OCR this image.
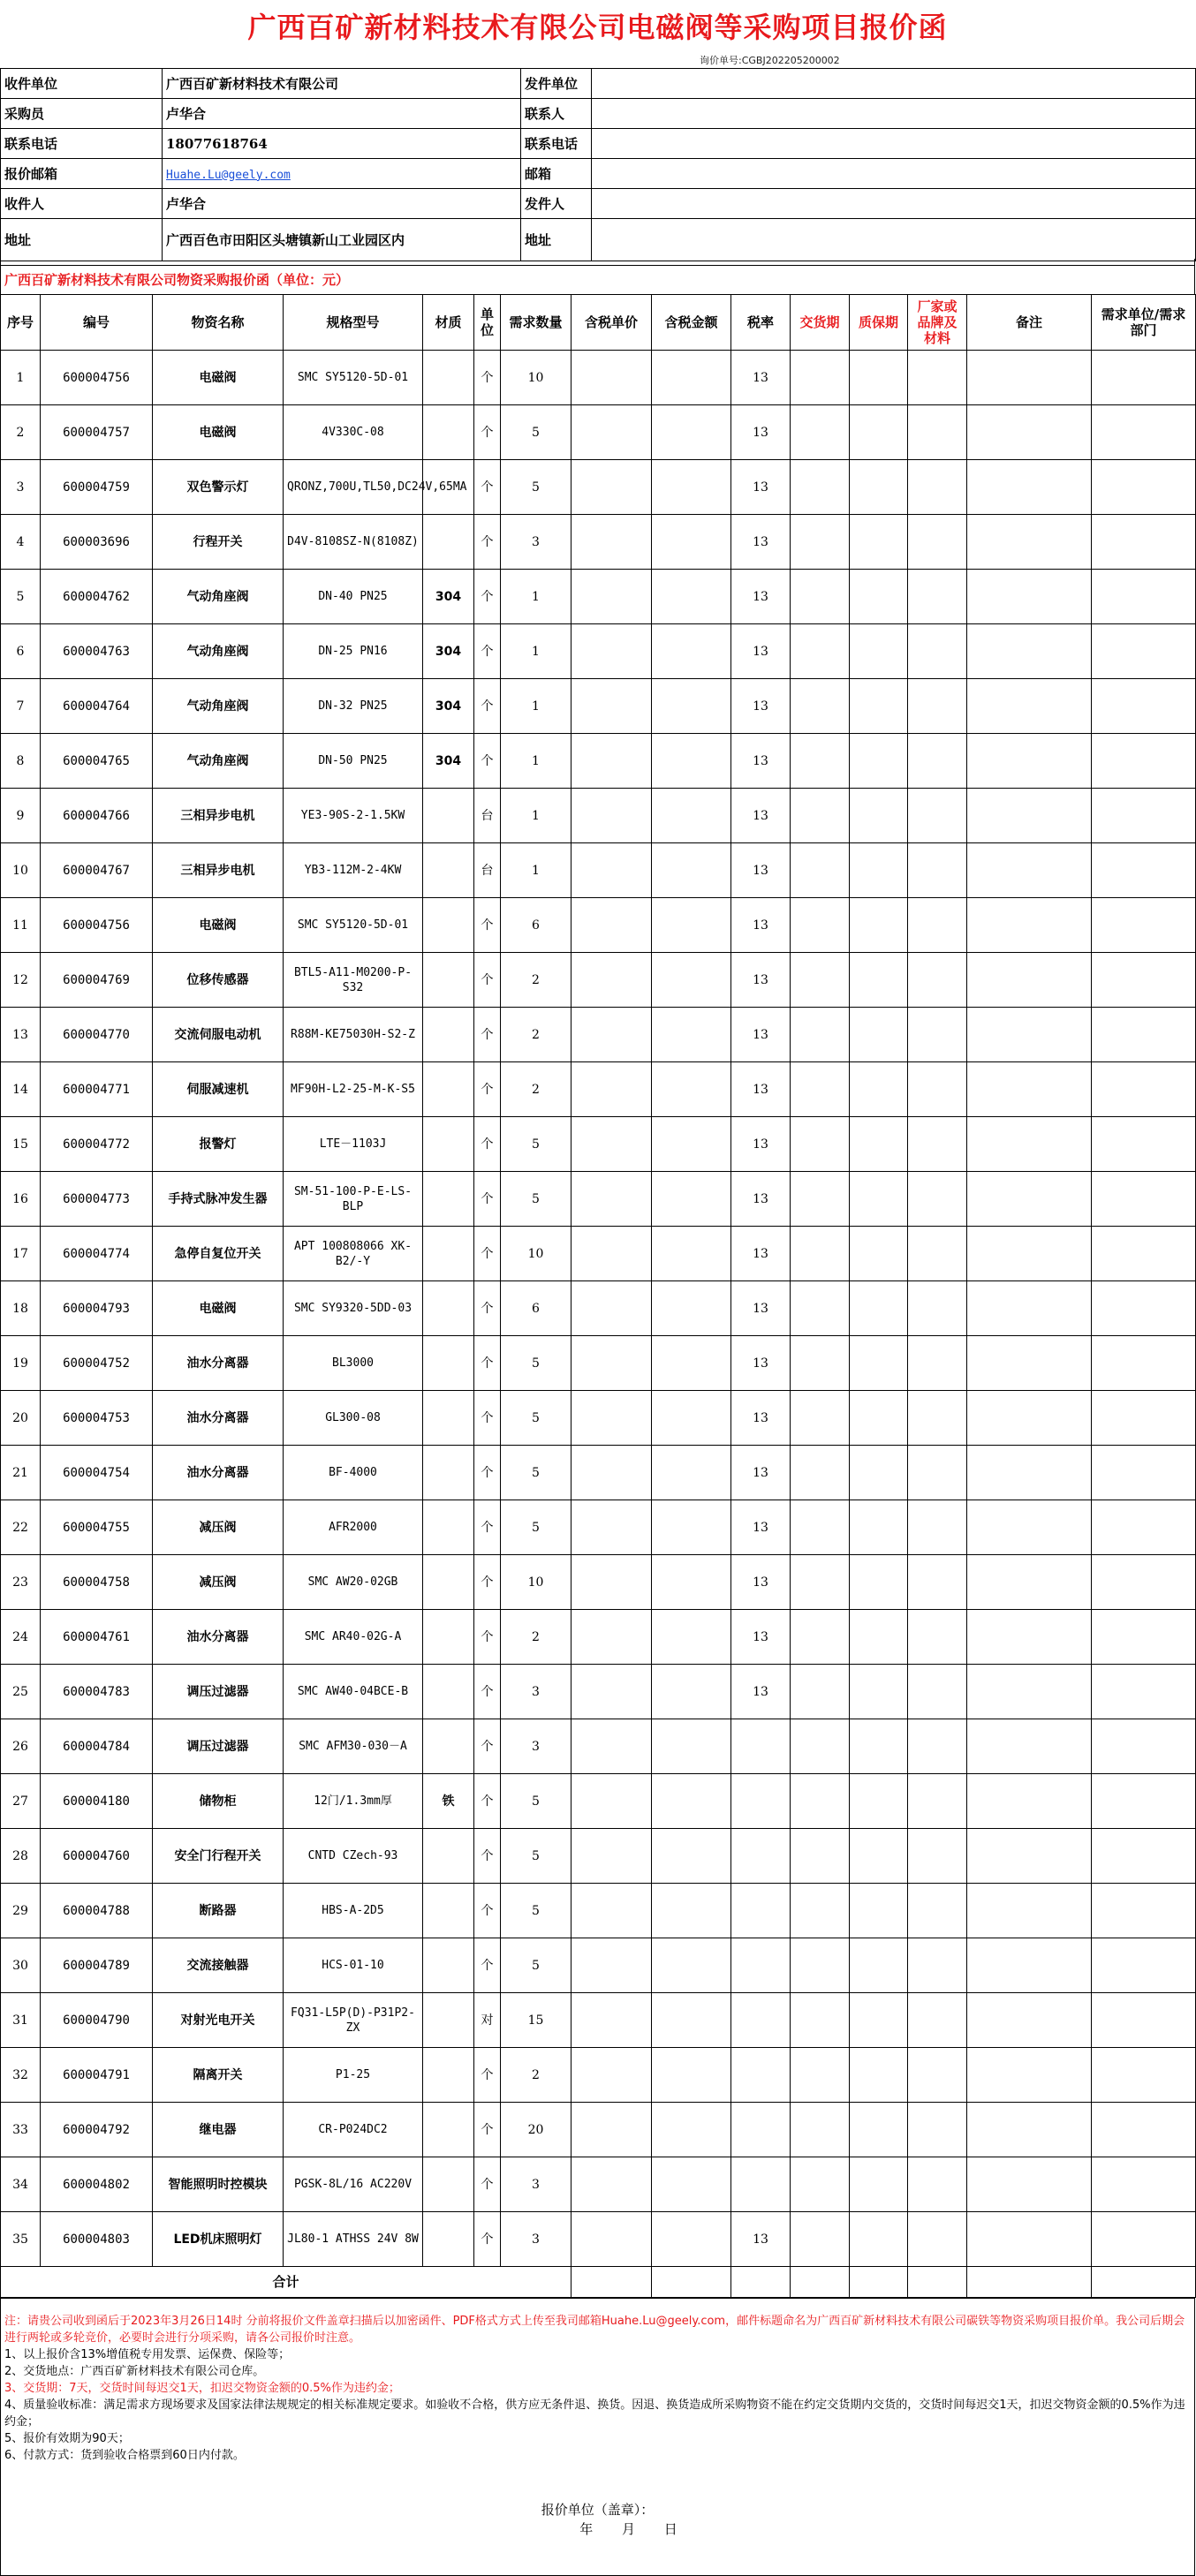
广西百矿新材料技术有限公司电磁阀等采购项目报价函
询价单号:CGBJ202205200002
收件单位	广西百矿新材料技术有限公司	发件单位	
采购员	卢华合	联系人	
联系电话	18077618764	联系电话	
报价邮箱	Huahe.Lu@geely.com	邮箱	
收件人	卢华合	发件人	
地址	广西百色市田阳区头塘镇新山工业园区内	地址	
广西百矿新材料技术有限公司物资采购报价函（单位：元）
序号	编号	物资名称	规格型号	材质	单位	需求数量	含税单价	含税金额	税率	交货期	质保期	厂家或品牌及材料	备注	需求单位/需求部门
1	600004756	电磁阀	SMC SY5120-5D-01		个	10			13					
2	600004757	电磁阀	4V330C-08		个	5			13					
3	600004759	双色警示灯	QRONZ,700U,TL50,DC24V,65MA		个	5			13					
4	600003696	行程开关	D4V-8108SZ-N(8108Z)		个	3			13					
5	600004762	气动角座阀	DN-40 PN25	304	个	1			13					
6	600004763	气动角座阀	DN-25 PN16	304	个	1			13					
7	600004764	气动角座阀	DN-32 PN25	304	个	1			13					
8	600004765	气动角座阀	DN-50 PN25	304	个	1			13					
9	600004766	三相异步电机	YE3-90S-2-1.5KW		台	1			13					
10	600004767	三相异步电机	YB3-112M-2-4KW		台	1			13					
11	600004756	电磁阀	SMC SY5120-5D-01		个	6			13					
12	600004769	位移传感器	BTL5-A11-M0200-P-S32		个	2			13					
13	600004770	交流伺服电动机	R88M-KE75030H-S2-Z		个	2			13					
14	600004771	伺服减速机	MF90H-L2-25-M-K-S5		个	2			13					
15	600004772	报警灯	LTE－1103J		个	5			13					
16	600004773	手持式脉冲发生器	SM-51-100-P-E-LS-BLP		个	5			13					
17	600004774	急停自复位开关	APT 100808066 XK-B2/-Y		个	10			13					
18	600004793	电磁阀	SMC SY9320-5DD-03		个	6			13					
19	600004752	油水分离器	BL3000		个	5			13					
20	600004753	油水分离器	GL300-08		个	5			13					
21	600004754	油水分离器	BF-4000		个	5			13					
22	600004755	减压阀	AFR2000		个	5			13					
23	600004758	减压阀	SMC AW20-02GB		个	10			13					
24	600004761	油水分离器	SMC AR40-02G-A		个	2			13					
25	600004783	调压过滤器	SMC AW40-04BCE-B		个	3			13					
26	600004784	调压过滤器	SMC AFM30-030－A		个	3								
27	600004180	储物柜	12门/1.3mm厚	铁	个	5								
28	600004760	安全门行程开关	CNTD CZech-93		个	5								
29	600004788	断路器	HBS-A-2D5		个	5								
30	600004789	交流接触器	HCS-01-10		个	5								
31	600004790	对射光电开关	FQ31-L5P(D)-P31P2-ZX		对	15								
32	600004791	隔离开关	P1-25		个	2								
33	600004792	继电器	CR-P024DC2		个	20								
34	600004802	智能照明时控模块	PGSK-8L/16 AC220V		个	3								
35	600004803	LED机床照明灯	JL80-1 ATHSS 24V 8W		个	3			13					
合计														

注：请贵公司收到函后于2023年3月26日14时 分前将报价文件盖章扫描后以加密函件、PDF格式方式上传至我司邮箱Huahe.Lu@geely.com，邮件标题命名为广西百矿新材料技术有限公司碳铁等物资采购项目报价单。我公司后期会进行两轮或多轮竞价，必要时会进行分项采购，请各公司报价时注意。

1、以上报价含13%增值税专用发票、运保费、保险等；

2、交货地点：广西百矿新材料技术有限公司仓库。

3、交货期：7天，交货时间每迟交1天，扣迟交物资金额的0.5%作为违约金；

4、质量验收标准：满足需求方现场要求及国家法律法规规定的相关标准规定要求。如验收不合格，供方应无条件退、换货。因退、换货造成所采购物资不能在约定交货期内交货的，交货时间每迟交1天，扣迟交物资金额的0.5%作为违约金；

5、报价有效期为90天；

6、付款方式：货到验收合格票到60日内付款。

报价单位（盖章）：
年 月 日
